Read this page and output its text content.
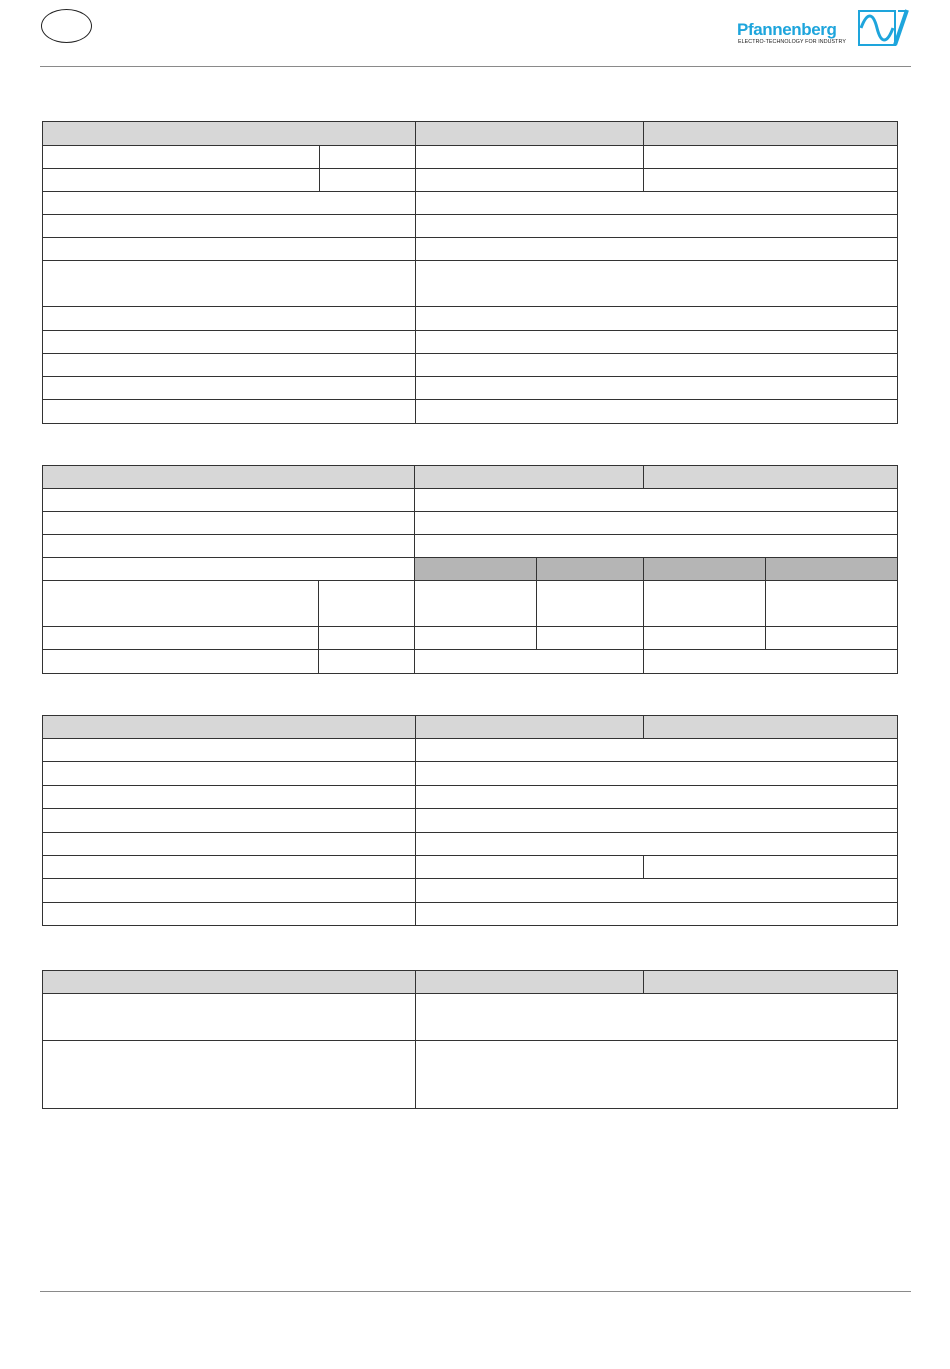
Pfannenberg
ELECTRO-TECHNOLOGY FOR INDUSTRY
